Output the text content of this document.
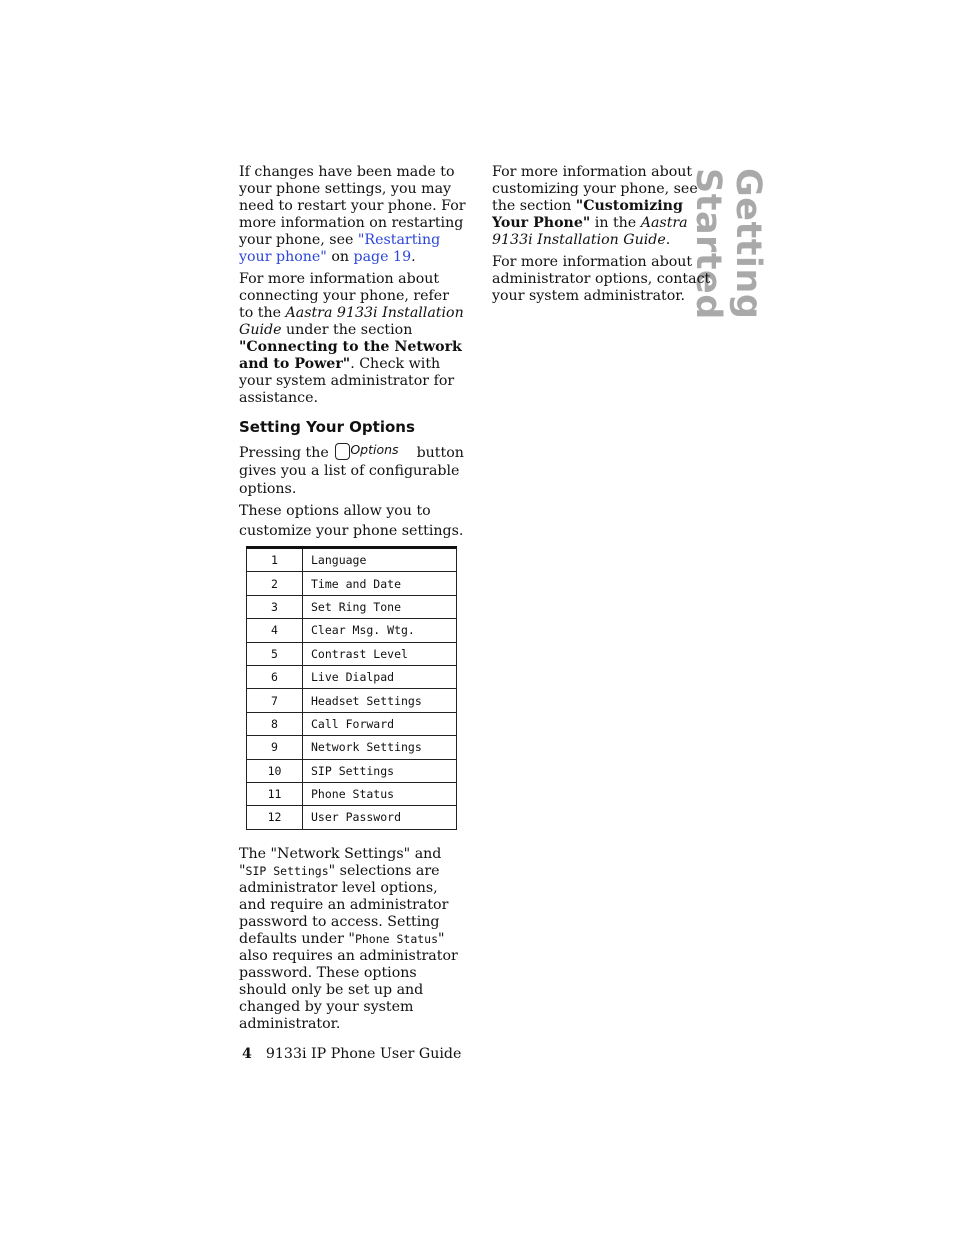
Getting Started

If changes have been made to your phone settings, you may need to restart your phone. For more information on restarting your phone, see "Restarting your phone" on page 19.

For more information about connecting your phone, refer to the Aastra 9133i Installation Guide under the section "Connecting to the Network and to Power". Check with your system administrator for assistance.

Setting Your Options

Pressing the Options    button gives you a list of configurable options.

These options allow you to customize your phone settings.

1	Language
2	Time and Date
3	Set Ring Tone
4	Clear Msg. Wtg.
5	Contrast Level
6	Live Dialpad
7	Headset Settings
8	Call Forward
9	Network Settings
10	SIP Settings
11	Phone Status
12	User Password
The "Network Settings" and "SIP Settings" selections are administrator level options, and require an administrator password to access. Setting defaults under "Phone Status" also requires an administrator password. These options should only be set up and changed by your system administrator.

For more information about customizing your phone, see the section "Customizing Your Phone" in the Aastra 9133i Installation Guide.

For more information about administrator options, contact your system administrator.

4 9133i IP Phone User Guide
